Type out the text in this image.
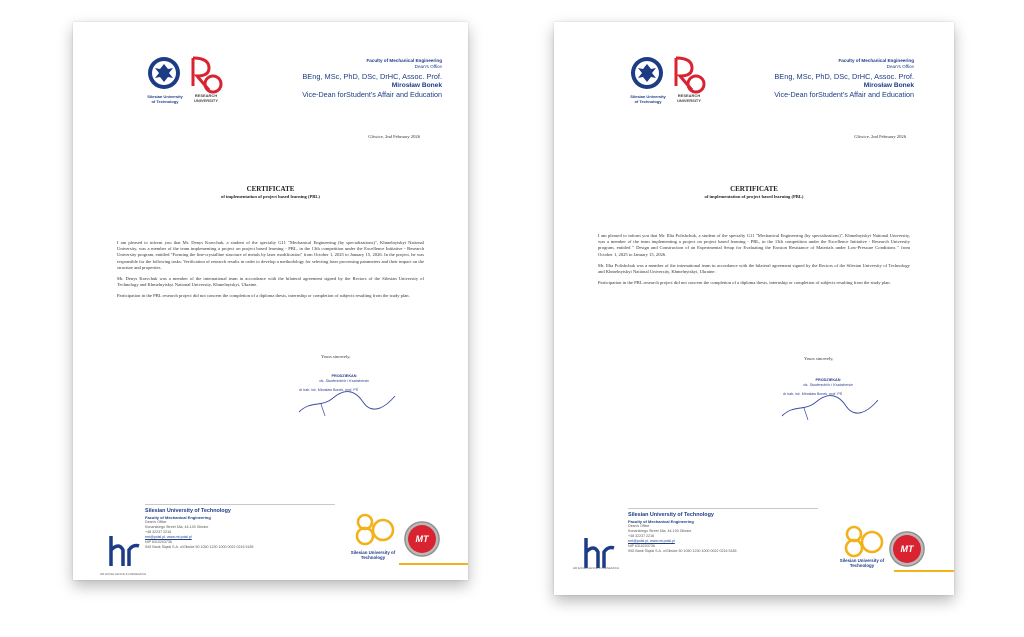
Silesian University of Technology
RESEARCH UNIVERSITY
Faculty of Mechanical Engineering
Dean's Office
BEng, MSc, PhD, DSc, DrHC, Assoc. Prof.
Mirosław Bonek
Vice-Dean forStudent's Affair and Education
Gliwice, 2nd February 2026
CERTIFICATE
of implementation of project based learning (PBL)

I am pleased to inform you that Mr. Denys Kravchuk, a student of the specialty G11 "Mechanical Engineering (by specializations)", Khmelnytskyi National University, was a member of the team implementing a project on project based learning - PBL, in the 13th competition under the Excellence Initiative - Research University program, entitled "Forming the fine-crystalline structure of metals by laser modification" from October 1, 2025 to January 15, 2026. In the project, he was responsible for the following tasks: Verification of research results in order to develop a methodology for selecting laser processing parameters and their impact on the structure and properties.

Mr. Denys Kravchuk was a member of the international team in accordance with the bilateral agreement signed by the Rectors of the Silesian University of Technology and Khmelnytskyi National University, Khmelnytskyi, Ukraine.

Participation in the PBL research project did not concern the completion of a diploma thesis, internship or completion of subjects resulting from the study plan.

Yours sincerely,
PRODZIEKAN
ds. Studenckich i Kształcenia
dr hab. inż. Mirosław Bonek, prof. PŚ
HR EXCELLENCE IN RESEARCH
Silesian University of Technology
Faculty of Mechanical Engineering
Dean's Office
Konarskiego Street 18a, 44-100 Gliwice
+48 32237 2216
rmt@polsl.pl, www.mt.polsl.pl
NIP 6310203736
ING Bank Śląski S.A. o/Gliwice 50 1050 1230 1000 0022 0216 5185
Silesian University of Technology
MT
Silesian University of Technology
RESEARCH UNIVERSITY
Faculty of Mechanical Engineering
Dean's Office
BEng, MSc, PhD, DSc, DrHC, Assoc. Prof.
Mirosław Bonek
Vice-Dean forStudent's Affair and Education
Gliwice, 2nd February 2026
CERTIFICATE
of implementation of project based learning (PBL)

I am pleased to inform you that Mr. Illia Polishchuk, a student of the specialty G11 "Mechanical Engineering (by specializations)", Khmelnytskyi National University, was a member of the team implementing a project on project based learning - PBL, in the 13th competition under the Excellence Initiative - Research University program, entitled " Design and Construction of an Experimental Setup for Evaluating the Erosion Resistance of Materials under Low-Pressure Conditions " from October 1, 2025 to January 15, 2026.

Mr. Illia Polishchuk was a member of the international team in accordance with the bilateral agreement signed by the Rectors of the Silesian University of Technology and Khmelnytskyi National University, Khmelnytskyi, Ukraine.

Participation in the PBL research project did not concern the completion of a diploma thesis, internship or completion of subjects resulting from the study plan.

Yours sincerely,
PRODZIEKAN
ds. Studenckich i Kształcenia
dr hab. inż. Mirosław Bonek, prof. PŚ
HR EXCELLENCE IN RESEARCH
Silesian University of Technology
Faculty of Mechanical Engineering
Dean's Office
Konarskiego Street 18a, 44-100 Gliwice
+48 32237 2216
rmt@polsl.pl, www.mt.polsl.pl
NIP 6310203736
ING Bank Śląski S.A. o/Gliwice 50 1050 1230 1000 0022 0216 5185
Silesian University of Technology
MT
